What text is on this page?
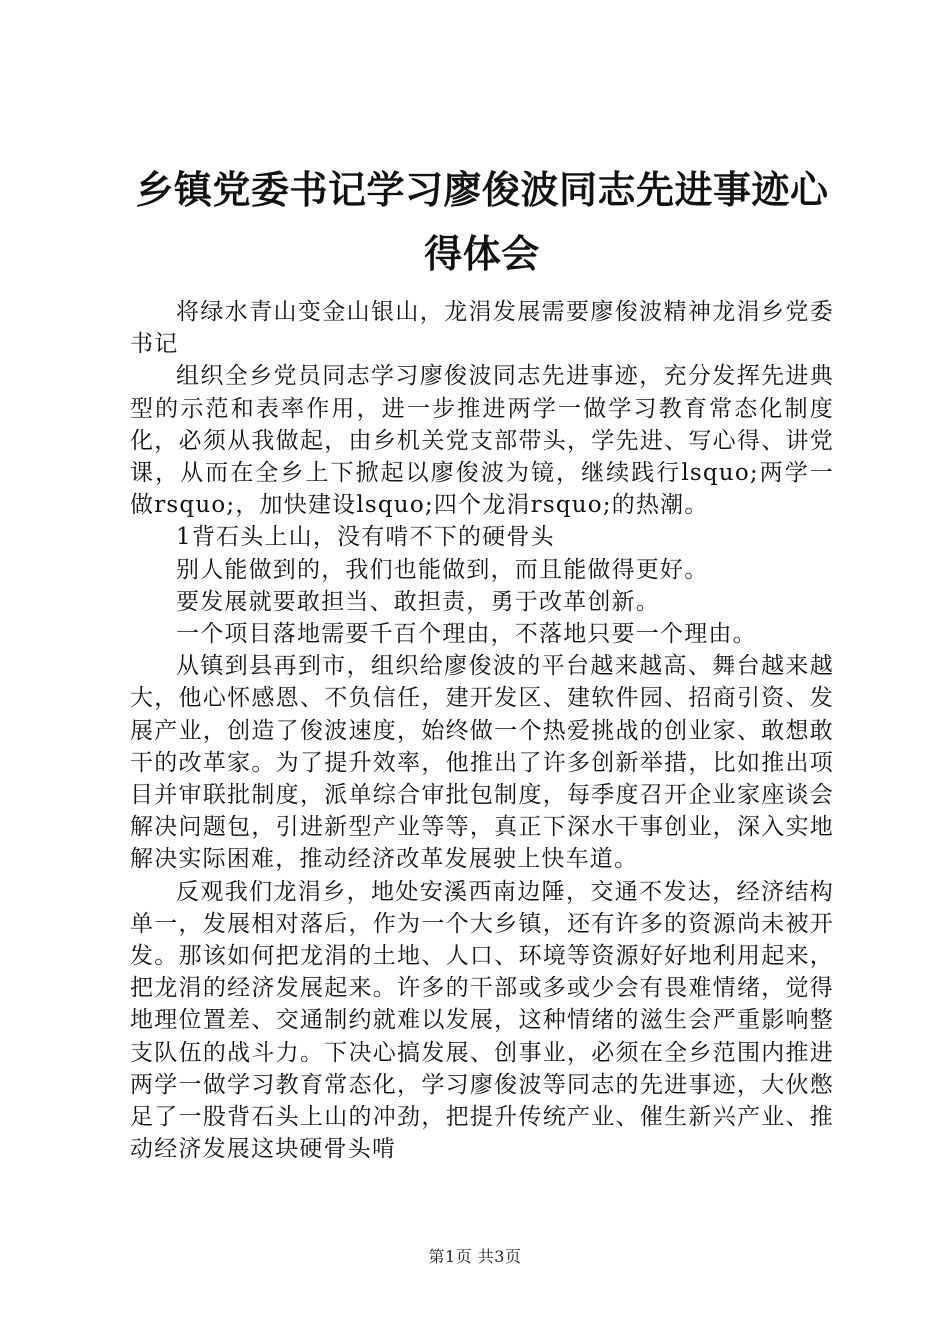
乡镇党委书记学习廖俊波同志先进事迹心得体会

将绿水青山变金山银山，龙涓发展需要廖俊波精神龙涓乡党委书记

组织全乡党员同志学习廖俊波同志先进事迹，充分发挥先进典型的示范和表率作用，进一步推进两学一做学习教育常态化制度化，必须从我做起，由乡机关党支部带头，学先进、写心得、讲党课，从而在全乡上下掀起以廖俊波为镜，继续践行lsquo;两学一做rsquo;，加快建设lsquo;四个龙涓rsquo;的热潮。

1背石头上山，没有啃不下的硬骨头

别人能做到的，我们也能做到，而且能做得更好。

要发展就要敢担当、敢担责，勇于改革创新。

一个项目落地需要千百个理由，不落地只要一个理由。

从镇到县再到市，组织给廖俊波的平台越来越高、舞台越来越大，他心怀感恩、不负信任，建开发区、建软件园、招商引资、发展产业，创造了俊波速度，始终做一个热爱挑战的创业家、敢想敢干的改革家。为了提升效率，他推出了许多创新举措，比如推出项目并审联批制度，派单综合审批包制度，每季度召开企业家座谈会解决问题包，引进新型产业等等，真正下深水干事创业，深入实地解决实际困难，推动经济改革发展驶上快车道。

反观我们龙涓乡，地处安溪西南边陲，交通不发达，经济结构单一，发展相对落后，作为一个大乡镇，还有许多的资源尚未被开发。那该如何把龙涓的土地、人口、环境等资源好好地利用起来，把龙涓的经济发展起来。许多的干部或多或少会有畏难情绪，觉得地理位置差、交通制约就难以发展，这种情绪的滋生会严重影响整支队伍的战斗力。下决心搞发展、创事业，必须在全乡范围内推进两学一做学习教育常态化，学习廖俊波等同志的先进事迹，大伙憋足了一股背石头上山的冲劲，把提升传统产业、催生新兴产业、推动经济发展这块硬骨头啃

第1页 共3页
